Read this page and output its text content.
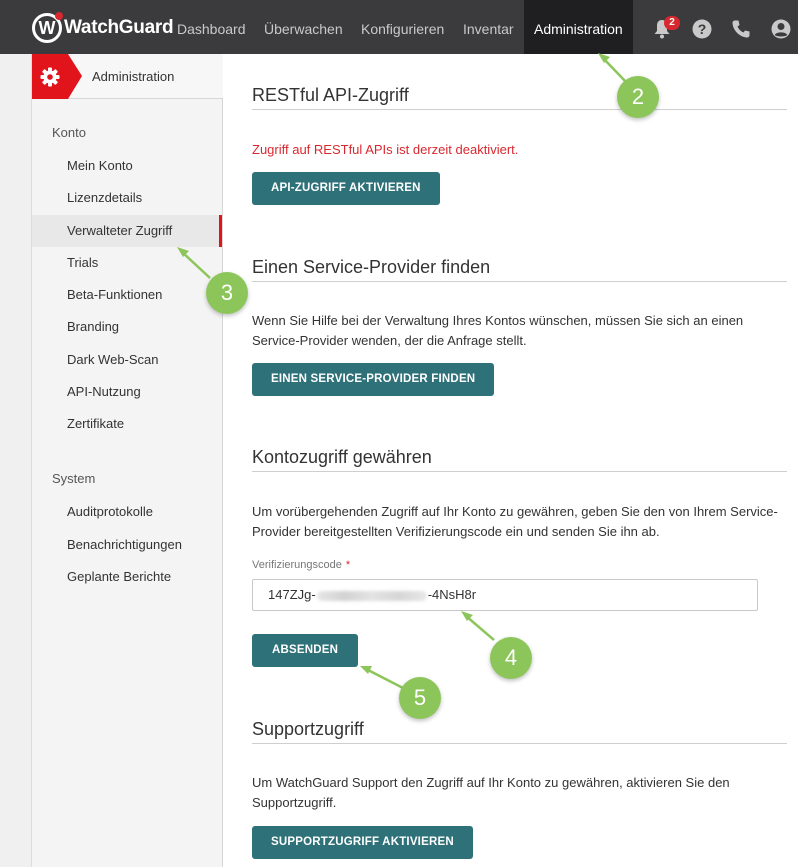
W WatchGuard Dashboard Überwachen Konfigurieren Inventar	Administration	2	?
Administration
Konto
Mein Konto
Lizenzdetails
Verwalteter Zugriff
Trials
Beta-Funktionen
Branding
Dark Web-Scan
API-Nutzung
Zertifikate
System
Auditprotokolle
Benachrichtigungen
Geplante Berichte
RESTful API-Zugriff
Zugriff auf RESTful APIs ist derzeit deaktiviert.
API-ZUGRIFF AKTIVIEREN
Einen Service-Provider finden
Wenn Sie Hilfe bei der Verwaltung Ihres Kontos wünschen, müssen Sie sich an einen Service-Provider wenden, der die Anfrage stellt.
EINEN SERVICE-PROVIDER FINDEN
Kontozugriff gewähren
Um vorübergehenden Zugriff auf Ihr Konto zu gewähren, geben Sie den von Ihrem Service-Provider bereitgestellten Verifizierungscode ein und senden Sie ihn ab.
Verifizierungscode *
147ZJg-	-4NsH8r
ABSENDEN
Supportzugriff
Um WatchGuard Support den Zugriff auf Ihr Konto zu gewähren, aktivieren Sie den Supportzugriff.
SUPPORTZUGRIFF AKTIVIEREN
2
3
4
5
